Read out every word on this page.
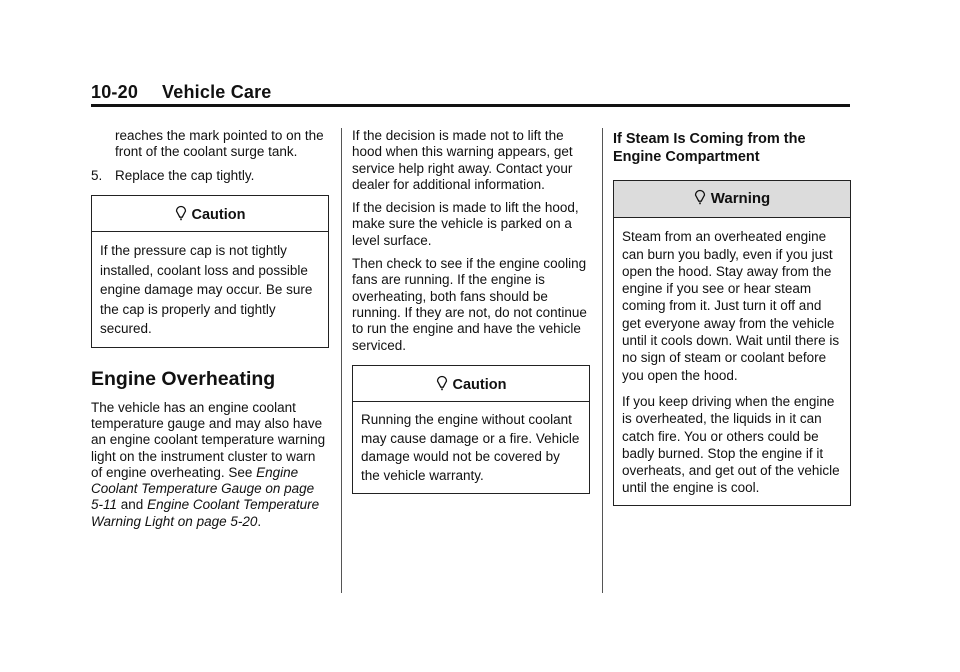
10-20 Vehicle Care

reaches the mark pointed to on the front of the coolant surge tank.

5. Replace the cap tightly.
Caution
If the pressure cap is not tightly installed, coolant loss and possible engine damage may occur. Be sure the cap is properly and tightly secured.
Engine Overheating

The vehicle has an engine coolant temperature gauge and may also have an engine coolant temperature warning light on the instrument cluster to warn of engine overheating. See Engine Coolant Temperature Gauge on page 5-11 and Engine Coolant Temperature Warning Light on page 5-20.

If the decision is made not to lift the hood when this warning appears, get service help right away. Contact your dealer for additional information.

If the decision is made to lift the hood, make sure the vehicle is parked on a level surface.

Then check to see if the engine cooling fans are running. If the engine is overheating, both fans should be running. If they are not, do not continue to run the engine and have the vehicle serviced.

Caution
Running the engine without coolant may cause damage or a fire. Vehicle damage would not be covered by the vehicle warranty.
If Steam Is Coming from the Engine Compartment
Warning

Steam from an overheated engine can burn you badly, even if you just open the hood. Stay away from the engine if you see or hear steam coming from it. Just turn it off and get everyone away from the vehicle until it cools down. Wait until there is no sign of steam or coolant before you open the hood.

If you keep driving when the engine is overheated, the liquids in it can catch fire. You or others could be badly burned. Stop the engine if it overheats, and get out of the vehicle until the engine is cool.
